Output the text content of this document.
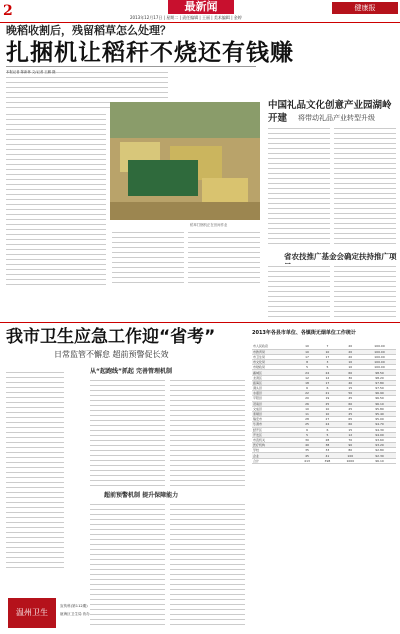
2	最新闻	健康报
2013年12月17日 | 星期二 | 责任编辑 | 王丽 | 美术编辑 | 金婷
晚稻收割后，残留稻草怎么处理？
扎捆机让稻秆不烧还有钱赚
本报记者 陈新林 文/记者 王鹏 摄
稻草打捆机正在田间作业
中国礼品文化创意产业园湖岭开建	将带动礼品产业转型升级
省农技推广基金会确定扶持推广项
我市卫生应急工作迎“省考”
日常监管不懈怠 超前预警促长效
从“起跑线”抓起 完善管理机制
超前预警机制 提升保障能力
温州卫生
宣传科(第112期)
瓯海区卫生局 协办
2013年各县市单位、各镇街无烟单位工作统计
市人民政府	10	7	20	100.00
市教育局	10	10	20	100.00
市卫生局	17	17	20	100.00
市文化局	8	3	10	100.00
市财政局	5	5	10	100.00
鹿城区	24	24	60	98.50
龙湾区	12	12	30	98.20
瓯海区	18	17	40	97.80
洞头县	6	6	15	97.50
永嘉县	22	21	50	96.90
平阳县	20	19	45	96.50
苍南县	26	25	60	96.10
文成县	10	10	25	95.80
泰顺县	11	10	25	95.40
瑞安市	28	27	65	95.00
乐清市	25	24	60	94.70
经开区	6	6	15	94.30
开发区	5	5	12	94.00
市直机关	30	28	70	93.60
医疗机构	40	38	90	93.20
学校	35	33	80	92.80
企业	45	41	100	92.30
合计	413	398	1000	96.10
